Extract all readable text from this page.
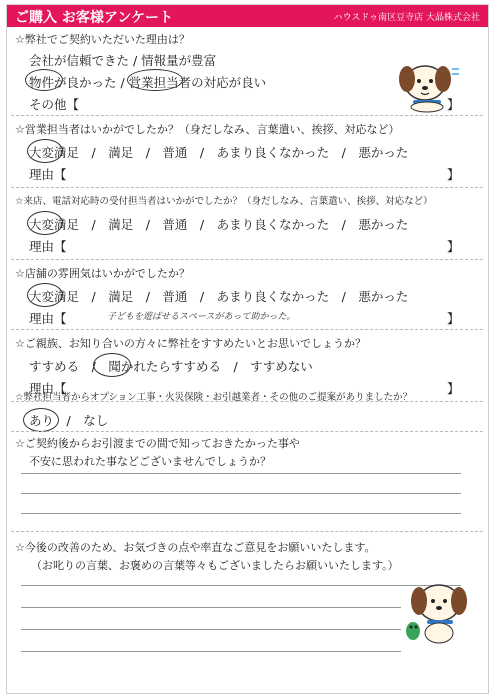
ご購入 お客様アンケート	ハウスドゥ南区豆寺店 大晶株式会社
☆弊社でご契約いただいた理由は？
会社が信頼できた / 情報量が豊富
物件が良かった / 営業担当者の対応が良い
その他【	】
☆営業担当者はいかがでしたか？（身だしなみ、言葉遣い、挨拶、対応など）
大変満足　/　満足　/　普通　/　あまり良くなかった　/　悪かった
理由【	】
☆来店、電話対応時の受付担当者はいかがでしたか？（身だしなみ、言葉遣い、挨拶、対応など）
大変満足　/　満足　/　普通　/　あまり良くなかった　/　悪かった
理由【	】
☆店舗の雰囲気はいかがでしたか？
大変満足　/　満足　/　普通　/　あまり良くなかった　/　悪かった
理由【	子どもを遊ばせるスペースがあって助かった。	】
☆ご親族、お知り合いの方々に弊社をすすめたいとお思いでしょうか？
すすめる　/　聞かれたらすすめる　/　すすめない
理由【	】
☆弊社担当者からオプション工事・火災保険・お引越業者・その他のご提案がありましたか？
あり　/　なし
☆ご契約後からお引渡までの間で知っておきたかった事や
不安に思われた事などございませんでしょうか？
☆今後の改善のため、お気づきの点や率直なご意見をお願いいたします。
（お叱りの言葉、お褒めの言葉等々もございましたらお願いいたします。）
